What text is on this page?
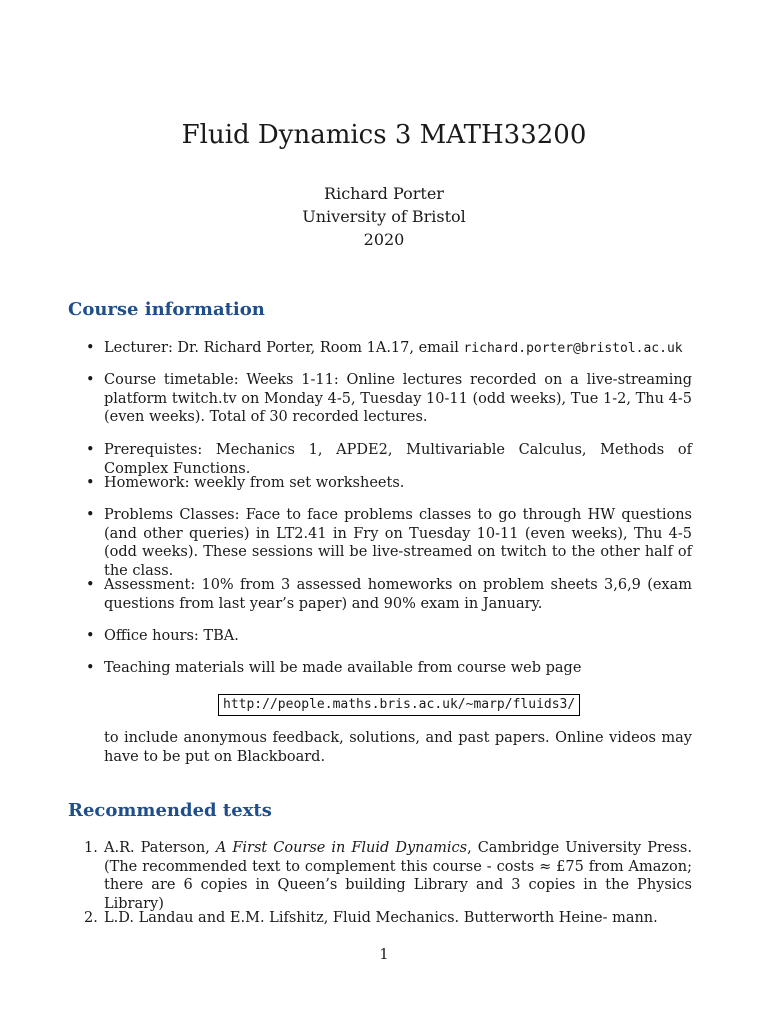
Fluid Dynamics 3 MATH33200
Richard Porter
University of Bristol
2020
Course information
• Lecturer: Dr. Richard Porter, Room 1A.17, email richard.porter@bristol.ac.uk
• Course timetable: Weeks 1-11: Online lectures recorded on a live-streaming platform twitch.tv on Monday 4-5, Tuesday 10-11 (odd weeks), Tue 1-2, Thu 4-5 (even weeks). Total of 30 recorded lectures.
• Prerequistes: Mechanics 1, APDE2, Multivariable Calculus, Methods of Complex Functions.
• Homework: weekly from set worksheets.
• Problems Classes: Face to face problems classes to go through HW questions (and other queries) in LT2.41 in Fry on Tuesday 10-11 (even weeks), Thu 4-5 (odd weeks). These sessions will be live-streamed on twitch to the other half of the class.
• Assessment: 10% from 3 assessed homeworks on problem sheets 3,6,9 (exam questions from last year’s paper) and 90% exam in January.
• Office hours: TBA.
• Teaching materials will be made available from course web page
http://people.maths.bris.ac.uk/~marp/fluids3/
to include anonymous feedback, solutions, and past papers. Online videos may have to be put on Blackboard.
Recommended texts
1. A.R. Paterson, A First Course in Fluid Dynamics, Cambridge University Press. (The recommended text to complement this course - costs ≈ £75 from Amazon; there are 6 copies in Queen’s building Library and 3 copies in the Physics Library)
2. L.D. Landau and E.M. Lifshitz, Fluid Mechanics. Butterworth Heine- mann.
1
